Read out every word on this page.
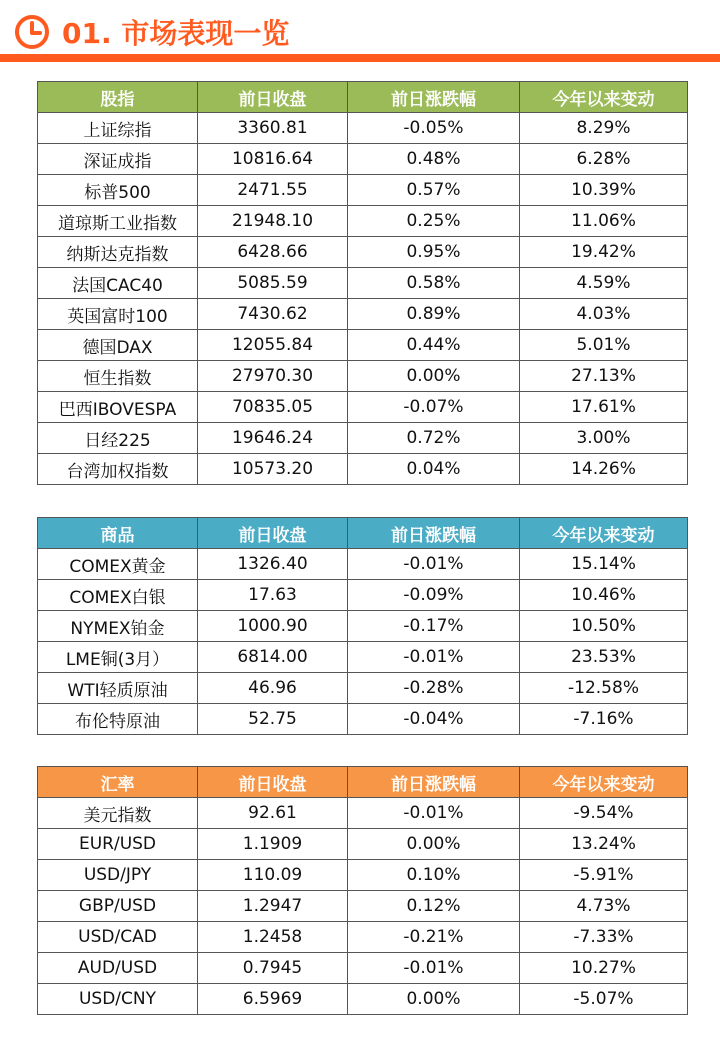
01. 市场表现一览
股指	前日收盘	前日涨跌幅	今年以来变动
上证综指	3360.81	-0.05%	8.29%
深证成指	10816.64	0.48%	6.28%
标普500	2471.55	0.57%	10.39%
道琼斯工业指数	21948.10	0.25%	11.06%
纳斯达克指数	6428.66	0.95%	19.42%
法国CAC40	5085.59	0.58%	4.59%
英国富时100	7430.62	0.89%	4.03%
德国DAX	12055.84	0.44%	5.01%
恒生指数	27970.30	0.00%	27.13%
巴西IBOVESPA	70835.05	-0.07%	17.61%
日经225	19646.24	0.72%	3.00%
台湾加权指数	10573.20	0.04%	14.26%
商品	前日收盘	前日涨跌幅	今年以来变动
COMEX黄金	1326.40	-0.01%	15.14%
COMEX白银	17.63	-0.09%	10.46%
NYMEX铂金	1000.90	-0.17%	10.50%
LME铜(3月）	6814.00	-0.01%	23.53%
WTI轻质原油	46.96	-0.28%	-12.58%
布伦特原油	52.75	-0.04%	-7.16%
汇率	前日收盘	前日涨跌幅	今年以来变动
美元指数	92.61	-0.01%	-9.54%
EUR/USD	1.1909	0.00%	13.24%
USD/JPY	110.09	0.10%	-5.91%
GBP/USD	1.2947	0.12%	4.73%
USD/CAD	1.2458	-0.21%	-7.33%
AUD/USD	0.7945	-0.01%	10.27%
USD/CNY	6.5969	0.00%	-5.07%
